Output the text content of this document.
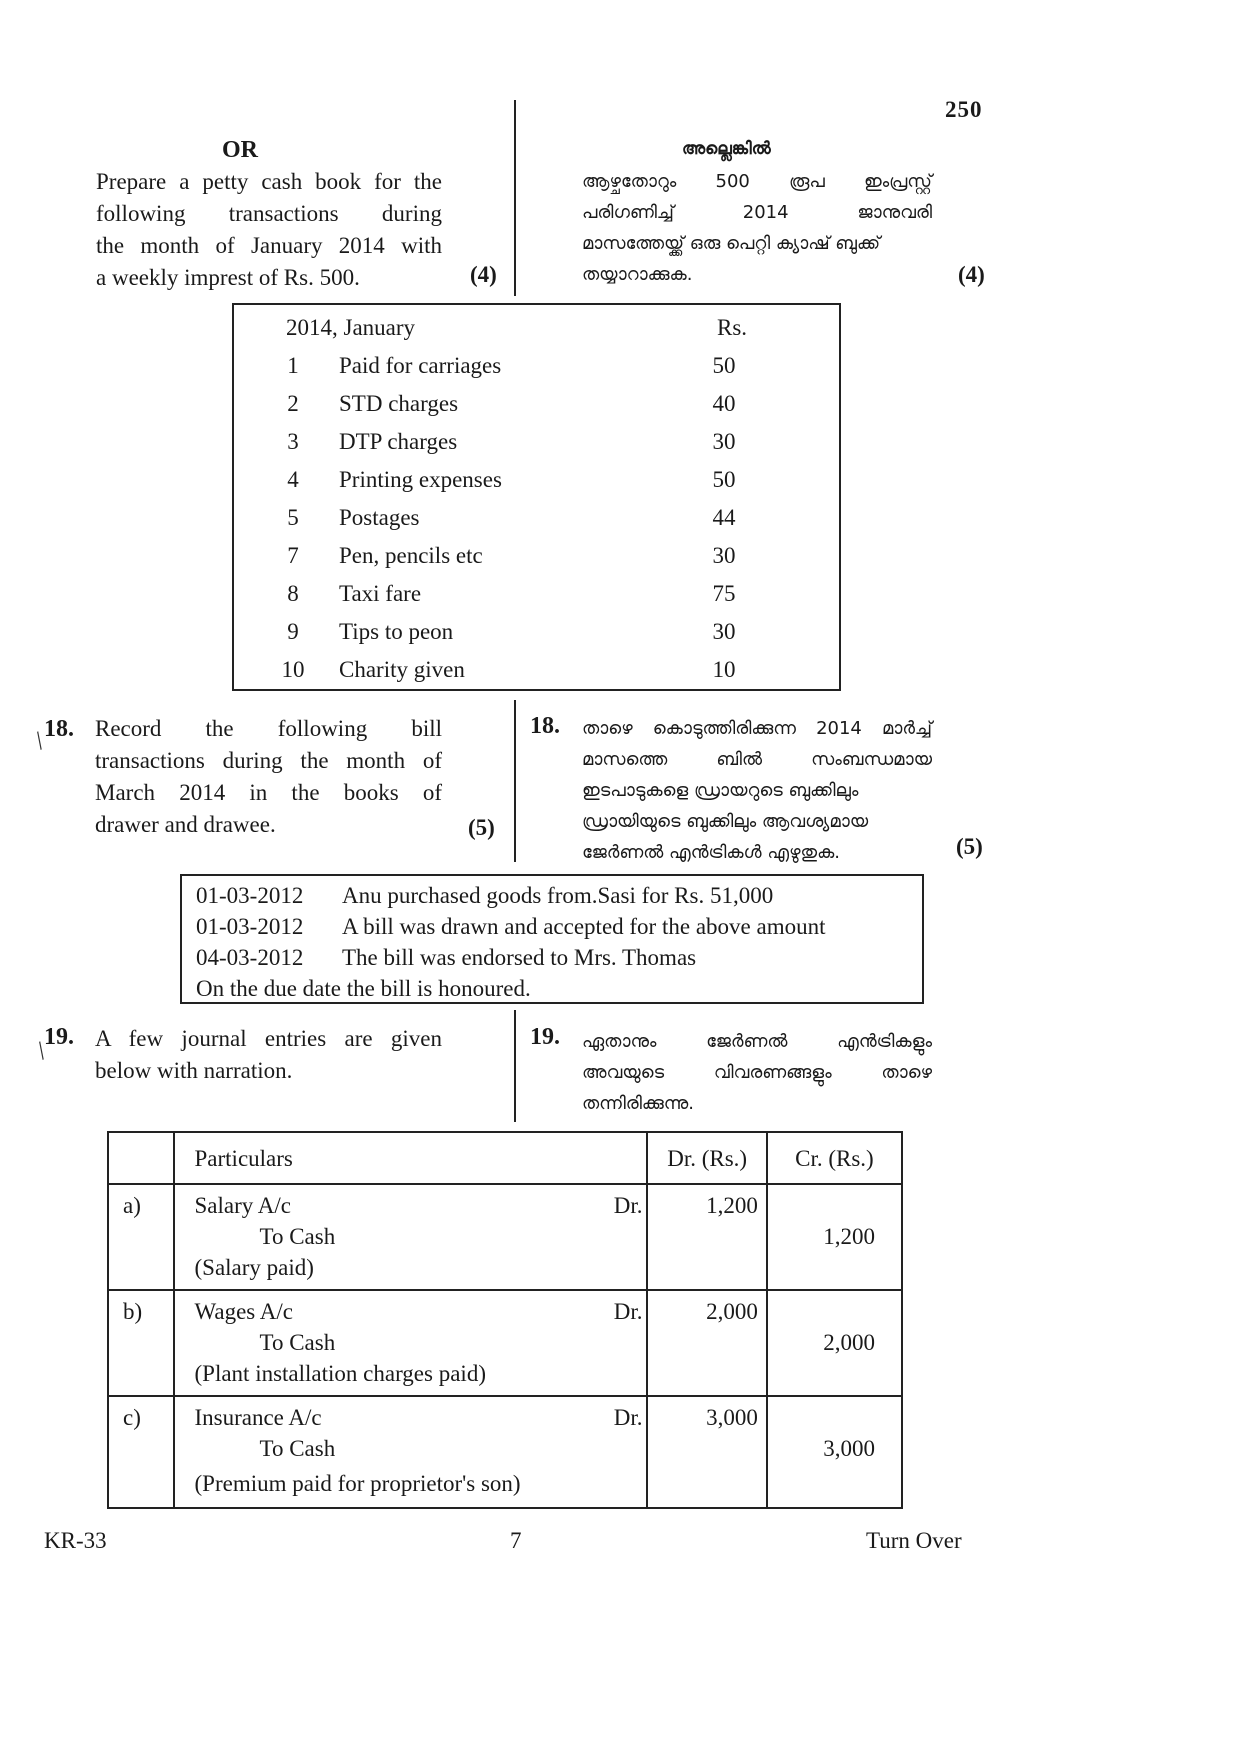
250
OR	അല്ലെങ്കിൽ
Prepare a petty cash book for the
following transactions during
the month of January 2014 with
a weekly imprest of Rs. 500.	(4)
ആഴ്ചതോറും 500 രൂപ ഇംപ്രസ്റ്റ്
പരിഗണിച്ച് 2014 ജാനുവരി
മാസത്തേയ്ക്ക് ഒരു പെറ്റി ക്യാഷ് ബുക്ക്
തയ്യാറാക്കുക.	(4)
2014, January	Rs.
1	Paid for carriages	50
2	STD charges	40
3	DTP charges	30
4	Printing expenses	50
5	Postages	44
7	Pen, pencils etc	30
8	Taxi fare	75
9	Tips to peon	30
10 Charity given	10
/
18. Record the following bill
transactions during the month of
March 2014 in the books of
drawer and drawee.	(5)
18. താഴെ കൊടുത്തിരിക്കുന്ന 2014 മാർച്ച്
മാസത്തെ ബിൽ സംബന്ധമായ
ഇടപാടുകളെ ഡ്രായറുടെ ബുക്കിലും
ഡ്രായിയുടെ ബുക്കിലും ആവശ്യമായ
ജേർണൽ എൻട്രികൾ എഴുതുക.	(5)
01-03-2012 Anu purchased goods from.Sasi for Rs. 51,000
01-03-2012 A bill was drawn and accepted for the above amount
04-03-2012 The bill was endorsed to Mrs. Thomas
On the due date the bill is honoured.
/
19. A few journal entries are given
below with narration.
19. ഏതാനും ജേർണൽ എൻട്രികളും
അവയുടെ വിവരണങ്ങളും താഴെ
തന്നിരിക്കുന്നു.

	Particulars	Dr. (Rs.)	Cr. (Rs.)

a)	Salary A/c Dr.
To Cash
(Salary paid)	1,200	1,200

b)	Wages A/c Dr.
To Cash
(Plant installation charges paid)	2,000	2,000

c)	Insurance A/c Dr.
To Cash
(Premium paid for proprietor's son)	3,000	3,000
KR-33	7	Turn Over
